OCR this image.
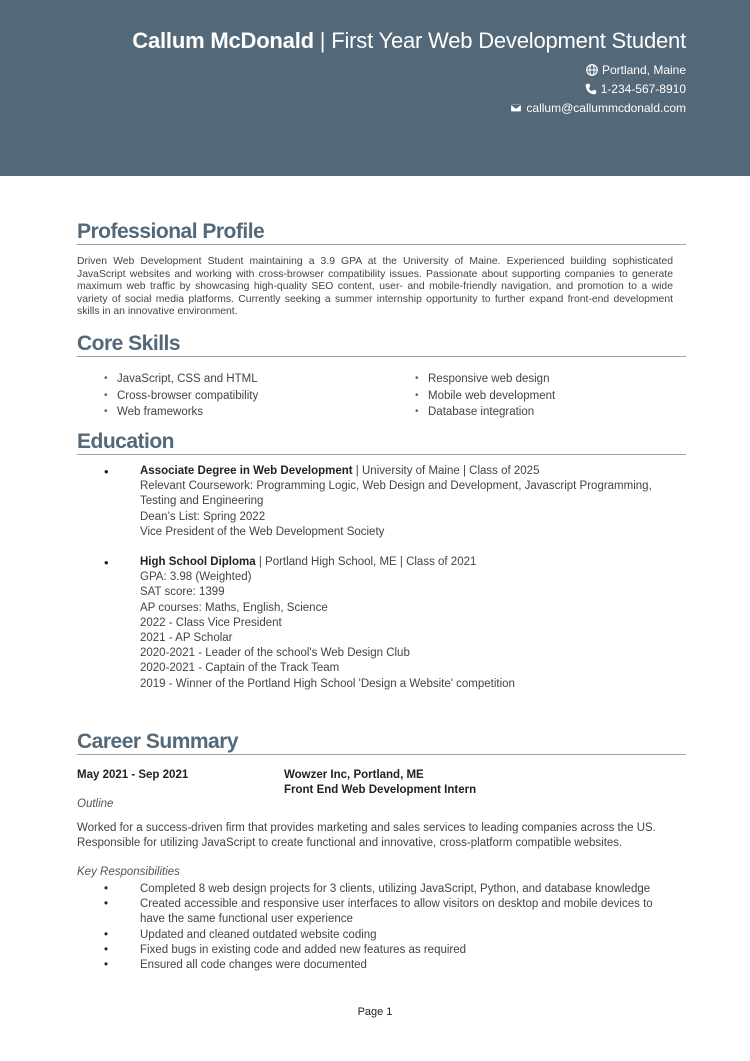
Callum McDonald | First Year Web Development Student
Portland, Maine
1-234-567-8910
callum@callummcdonald.com
Professional Profile
Driven Web Development Student maintaining a 3.9 GPA at the University of Maine. Experienced building sophisticated JavaScript websites and working with cross-browser compatibility issues. Passionate about supporting companies to generate maximum web traffic by showcasing high-quality SEO content, user- and mobile-friendly navigation, and promotion to a wide variety of social media platforms. Currently seeking a summer internship opportunity to further expand front-end development skills in an innovative environment.
Core Skills
• JavaScript, CSS and HTML
• Cross-browser compatibility
• Web frameworks
• Responsive web design
• Mobile web development
• Database integration
Education
•	Associate Degree in Web Development | University of Maine | Class of 2025
Relevant Coursework: Programming Logic, Web Design and Development, Javascript Programming, Testing and Engineering
Dean’s List: Spring 2022
Vice President of the Web Development Society
•	High School Diploma | Portland High School, ME | Class of 2021
GPA: 3.98 (Weighted)
SAT score: 1399
AP courses: Maths, English, Science
2022 - Class Vice President
2021 - AP Scholar
2020-2021 - Leader of the school's Web Design Club
2020-2021 - Captain of the Track Team
2019 - Winner of the Portland High School 'Design a Website' competition
Career Summary
May 2021 - Sep 2021	Wowzer Inc, Portland, ME
Front End Web Development Intern
Outline
Worked for a success-driven firm that provides marketing and sales services to leading companies across the US. Responsible for utilizing JavaScript to create functional and innovative, cross-platform compatible websites.
Key Responsibilities
•	Completed 8 web design projects for 3 clients, utilizing JavaScript, Python, and database knowledge
•	Created accessible and responsive user interfaces to allow visitors on desktop and mobile devices to have the same functional user experience
•	Updated and cleaned outdated website coding
•	Fixed bugs in existing code and added new features as required
•	Ensured all code changes were documented
Page 1
